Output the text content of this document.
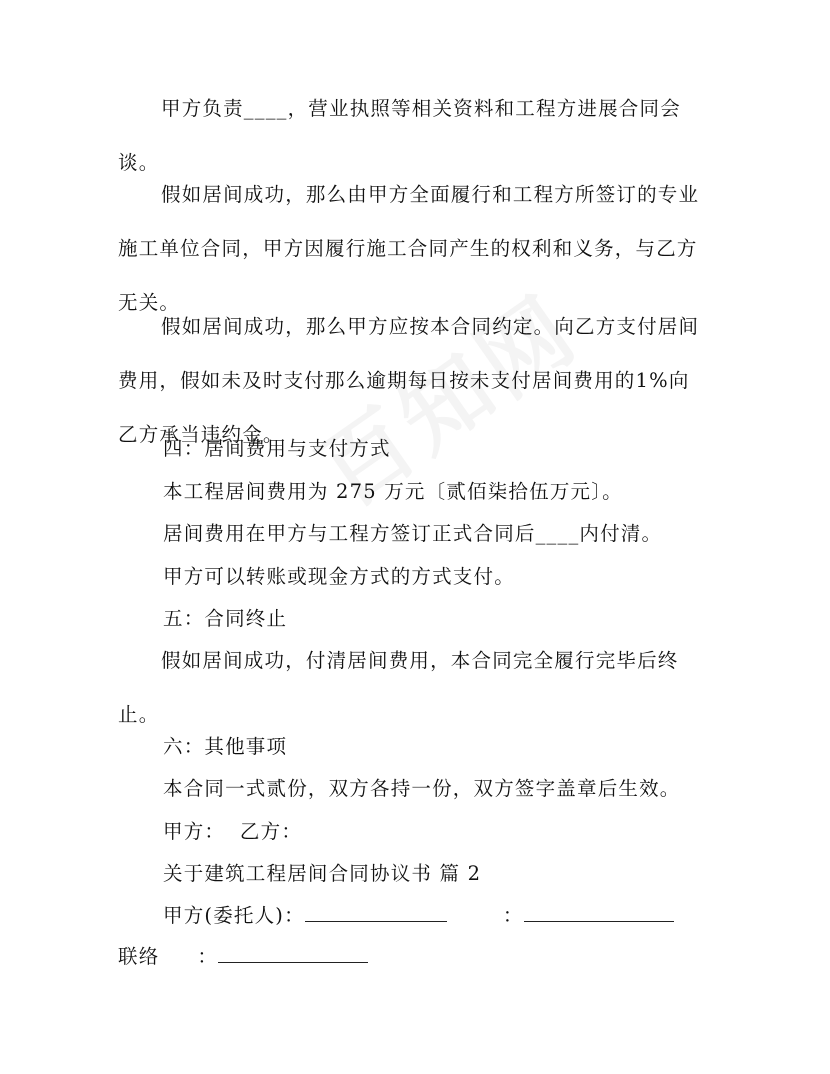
甲方负责____，营业执照等相关资料和工程方进展合同会谈。

假如居间成功，那么由甲方全面履行和工程方所签订的专业施工单位合同，甲方因履行施工合同产生的权利和义务，与乙方无关。

假如居间成功，那么甲方应按本合同约定。向乙方支付居间费用，假如未及时支付那么逾期每日按未支付居间费用的1%向乙方承当违约金。

四：居间费用与支付方式

本工程居间费用为 275 万元〔贰佰柒拾伍万元〕。

居间费用在甲方与工程方签订正式合同后____内付清。

甲方可以转账或现金方式的方式支付。

五：合同终止

假如居间成功，付清居间费用，本合同完全履行完毕后终止。

六：其他事项

本合同一式贰份，双方各持一份，双方签字盖章后生效。

甲方： 乙方：

关于建筑工程居间合同协议书 篇 2

甲方(委托人)：	：

联络 ：
